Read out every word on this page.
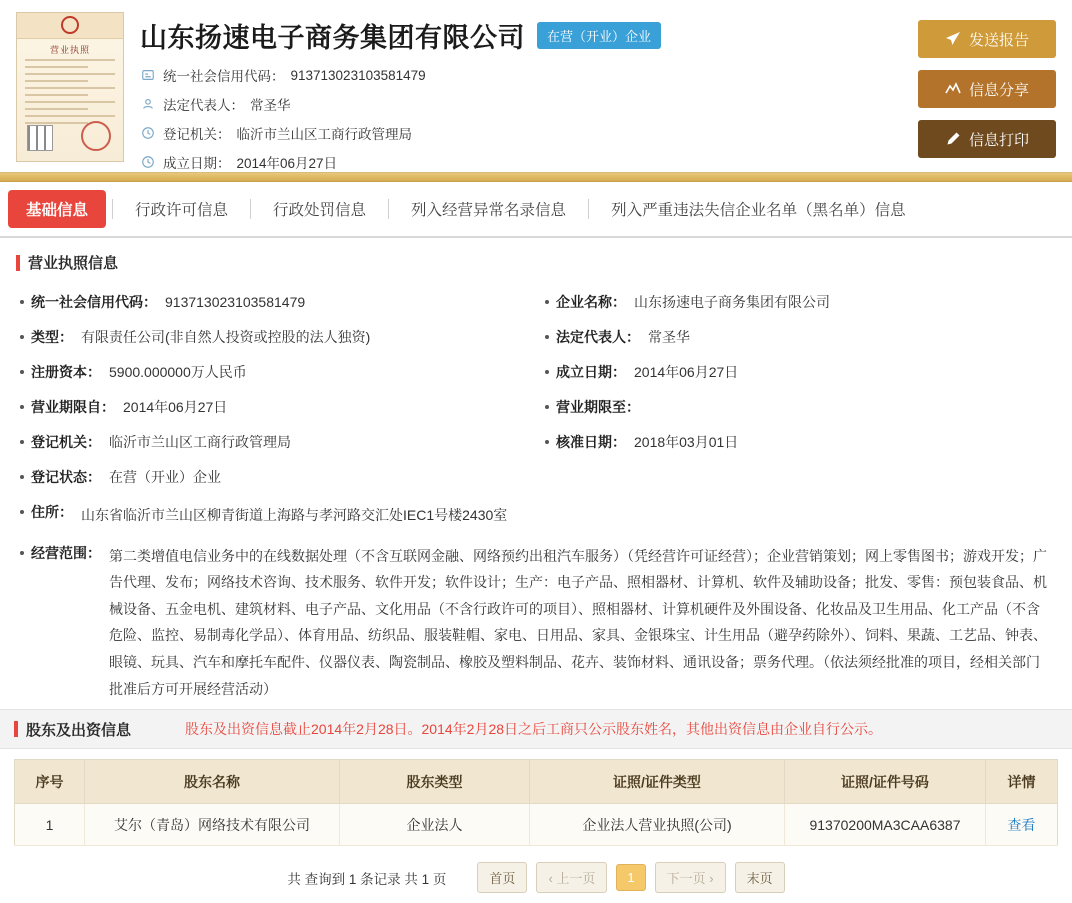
营业执照 山东扬速电子商务集团有限公司	在营（开业）企业
统一社会信用代码： 913713023103581479
法定代表人： 常圣华
登记机关： 临沂市兰山区工商行政管理局
成立日期： 2014年06月27日
发送报告
信息分享
信息打印
基础信息	行政许可信息	行政处罚信息	列入经营异常名录信息	列入严重违法失信企业名单（黑名单）信息
营业执照信息
统一社会信用代码： 913713023103581479	企业名称： 山东扬速电子商务集团有限公司
类型： 有限责任公司(非自然人投资或控股的法人独资)	法定代表人： 常圣华
注册资本： 5900.000000万人民币	成立日期： 2014年06月27日
营业期限自： 2014年06月27日	营业期限至：
登记机关： 临沂市兰山区工商行政管理局	核准日期： 2018年03月01日
登记状态： 在营（开业）企业
住所： 山东省临沂市兰山区柳青街道上海路与孝河路交汇处IEC1号楼2430室
经营范围： 第二类增值电信业务中的在线数据处理（不含互联网金融、网络预约出租汽车服务）（凭经营许可证经营）；企业营销策划；网上零售图书；游戏开发；广告代理、发布；网络技术咨询、技术服务、软件开发；软件设计；生产：电子产品、照相器材、计算机、软件及辅助设备；批发、零售：预包装食品、机械设备、五金电机、建筑材料、电子产品、文化用品（不含行政许可的项目）、照相器材、计算机硬件及外围设备、化妆品及卫生用品、化工产品（不含危险、监控、易制毒化学品）、体育用品、纺织品、服装鞋帽、家电、日用品、家具、金银珠宝、计生用品（避孕药除外）、饲料、果蔬、工艺品、钟表、眼镜、玩具、汽车和摩托车配件、仪器仪表、陶瓷制品、橡胶及塑料制品、花卉、装饰材料、通讯设备；票务代理。（依法须经批准的项目，经相关部门批准后方可开展经营活动）
股东及出资信息	股东及出资信息截止2014年2月28日。2014年2月28日之后工商只公示股东姓名，其他出资信息由企业自行公示。
序号	股东名称	股东类型	证照/证件类型	证照/证件号码	详情
1	艾尔（青岛）网络技术有限公司	企业法人	企业法人营业执照(公司)	91370200MA3CAA6387	查看
共 查询到 1 条记录 共 1 页	首页	‹ 上一页	1	下一页 ›	末页
